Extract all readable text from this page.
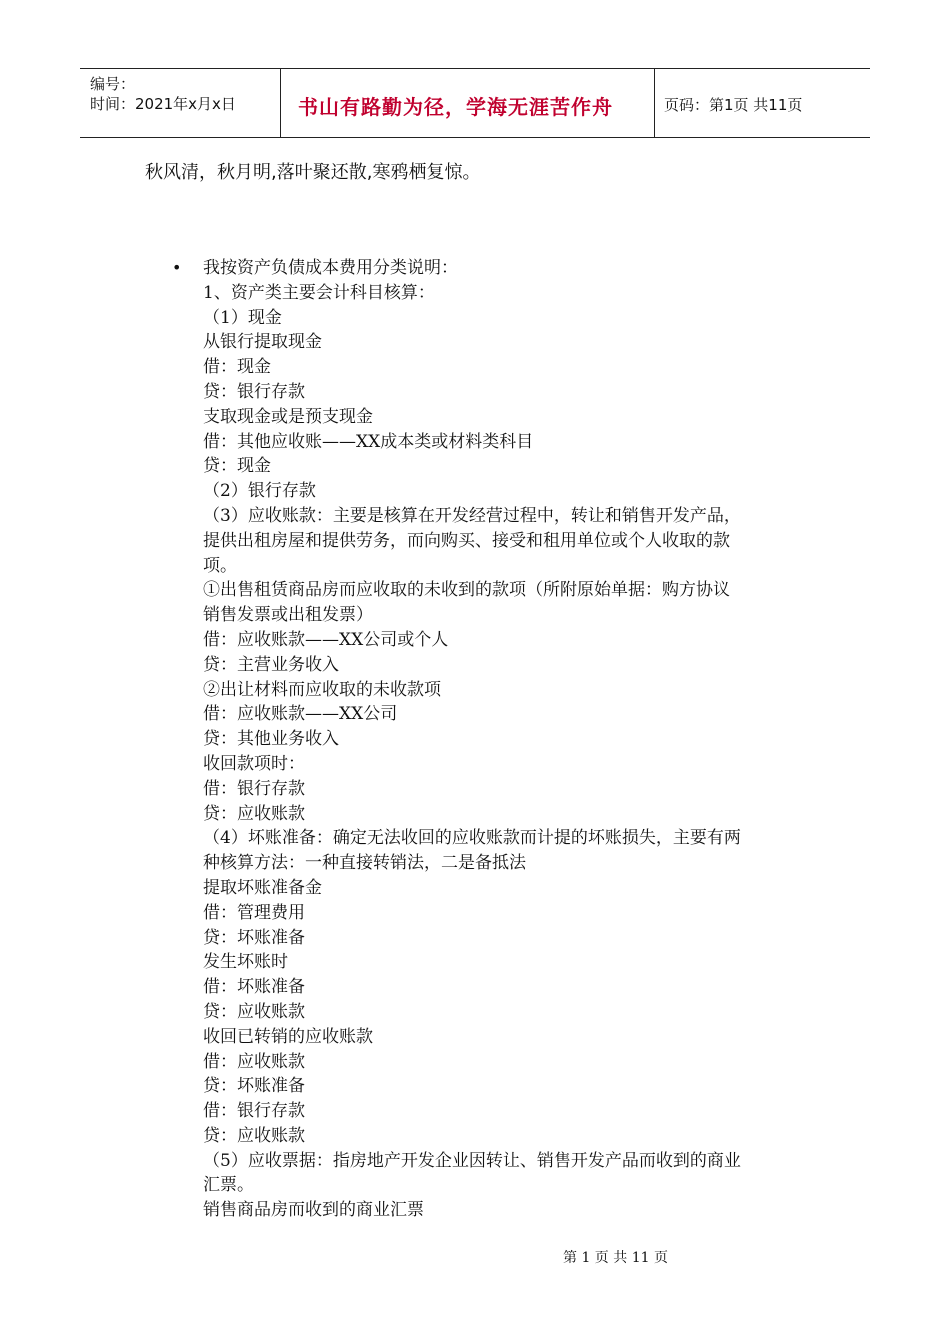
编号：
时间：2021年x月x日	书山有路勤为径，学海无涯苦作舟	页码：第1页 共11页
秋风清，秋月明,落叶聚还散,寒鸦栖复惊。
• 我按资产负债成本费用分类说明：
1、资产类主要会计科目核算：
（1）现金
从银行提取现金
借：现金
贷：银行存款
支取现金或是预支现金
借：其他应收账——XX成本类或材料类科目
贷：现金
（2）银行存款
（3）应收账款：主要是核算在开发经营过程中，转让和销售开发产品，
提供出租房屋和提供劳务，而向购买、接受和租用单位或个人收取的款
项。
①出售租赁商品房而应收取的未收到的款项（所附原始单据：购方协议
销售发票或出租发票）
借：应收账款——XX公司或个人
贷：主营业务收入
②出让材料而应收取的未收款项
借：应收账款——XX公司
贷：其他业务收入
收回款项时：
借：银行存款
贷：应收账款
（4）坏账准备：确定无法收回的应收账款而计提的坏账损失，主要有两
种核算方法：一种直接转销法，二是备抵法
提取坏账准备金
借：管理费用
贷：坏账准备
发生坏账时
借：坏账准备
贷：应收账款
收回已转销的应收账款
借：应收账款
贷：坏账准备
借：银行存款
贷：应收账款
（5）应收票据：指房地产开发企业因转让、销售开发产品而收到的商业
汇票。
销售商品房而收到的商业汇票
第 1 页 共 11 页
